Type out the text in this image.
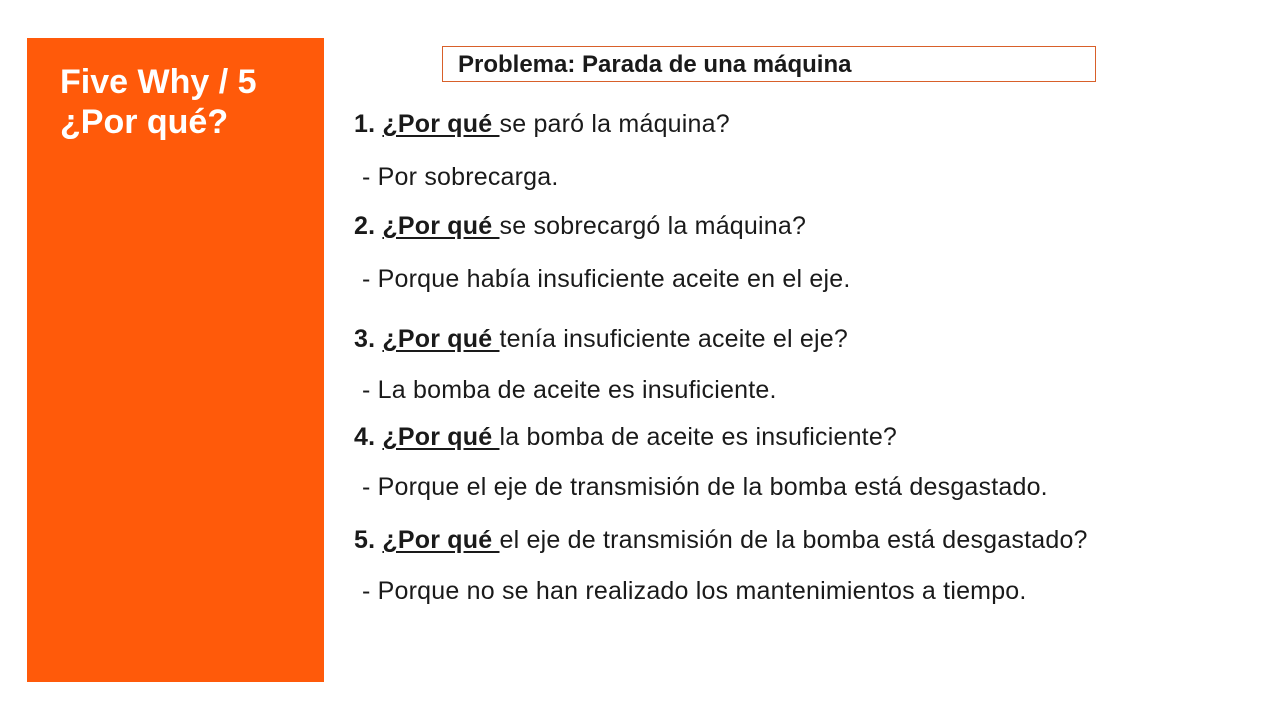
Five Why / 5
¿Por qué?
Problema: Parada de una máquina
1. ¿Por qué se paró la máquina?
- Por sobrecarga.
2. ¿Por qué se sobrecargó la máquina?
- Porque había insuficiente aceite en el eje.
3. ¿Por qué tenía insuficiente aceite el eje?
- La bomba de aceite es insuficiente.
4. ¿Por qué la bomba de aceite es insuficiente?
- Porque el eje de transmisión de la bomba está desgastado.
5. ¿Por qué el eje de transmisión de la bomba está desgastado?
- Porque no se han realizado los mantenimientos a tiempo.
